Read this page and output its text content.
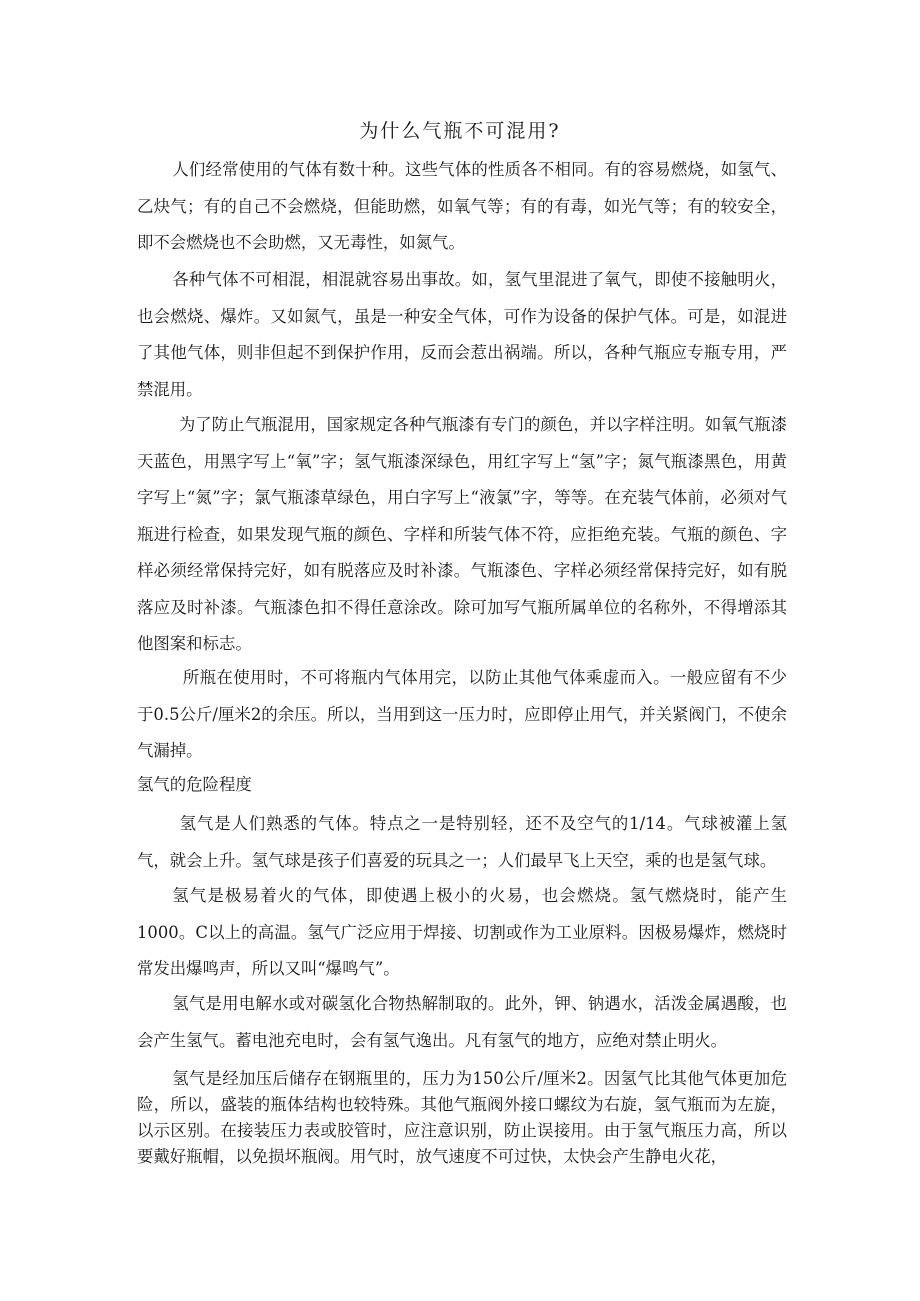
为什么气瓶不可混用?

人们经常使用的气体有数十种。这些气体的性质各不相同。有的容易燃烧，如氢气、乙炔气；有的自己不会燃烧，但能助燃，如氧气等；有的有毒，如光气等；有的较安全，即不会燃烧也不会助燃，又无毒性，如氮气。

各种气体不可相混，相混就容易出事故。如，氢气里混进了氧气，即使不接触明火，也会燃烧、爆炸。又如氮气，虽是一种安全气体，可作为设备的保护气体。可是，如混进了其他气体，则非但起不到保护作用，反而会惹出祸端。所以，各种气瓶应专瓶专用，严禁混用。

为了防止气瓶混用，国家规定各种气瓶漆有专门的颜色，并以字样注明。如氧气瓶漆天蓝色，用黑字写上“氧”字；氢气瓶漆深绿色，用红字写上“氢”字；氮气瓶漆黑色，用黄字写上“氮”字；氯气瓶漆草绿色，用白字写上“液氯”字，等等。在充装气体前，必须对气瓶进行检查，如果发现气瓶的颜色、字样和所装气体不符，应拒绝充装。气瓶的颜色、字样必须经常保持完好，如有脱落应及时补漆。气瓶漆色、字样必须经常保持完好，如有脱落应及时补漆。气瓶漆色扣不得任意涂改。除可加写气瓶所属单位的名称外，不得增添其他图案和标志。

所瓶在使用时，不可将瓶内气体用完，以防止其他气体乘虚而入。一般应留有不少于0.5公斤/厘米2的余压。所以，当用到这一压力时，应即停止用气，并关紧阀门，不使余气漏掉。

氢气的危险程度

氢气是人们熟悉的气体。特点之一是特别轻，还不及空气的1/14。气球被灌上氢气，就会上升。氢气球是孩子们喜爱的玩具之一；人们最早飞上天空，乘的也是氢气球。

氢气是极易着火的气体，即使遇上极小的火易，也会燃烧。氢气燃烧时，能产生1000。C以上的高温。氢气广泛应用于焊接、切割或作为工业原料。因极易爆炸，燃烧时常发出爆鸣声，所以又叫“爆鸣气”。

氢气是用电解水或对碳氢化合物热解制取的。此外，钾、钠遇水，活泼金属遇酸，也会产生氢气。蓄电池充电时，会有氢气逸出。凡有氢气的地方，应绝对禁止明火。

氢气是经加压后储存在钢瓶里的，压力为150公斤/厘米2。因氢气比其他气体更加危险，所以，盛装的瓶体结构也较特殊。其他气瓶阀外接口螺纹为右旋，氢气瓶而为左旋，以示区别。在接装压力表或胶管时，应注意识别，防止误接用。由于氢气瓶压力高，所以要戴好瓶帽，以免损坏瓶阀。用气时，放气速度不可过快，太快会产生静电火花，
